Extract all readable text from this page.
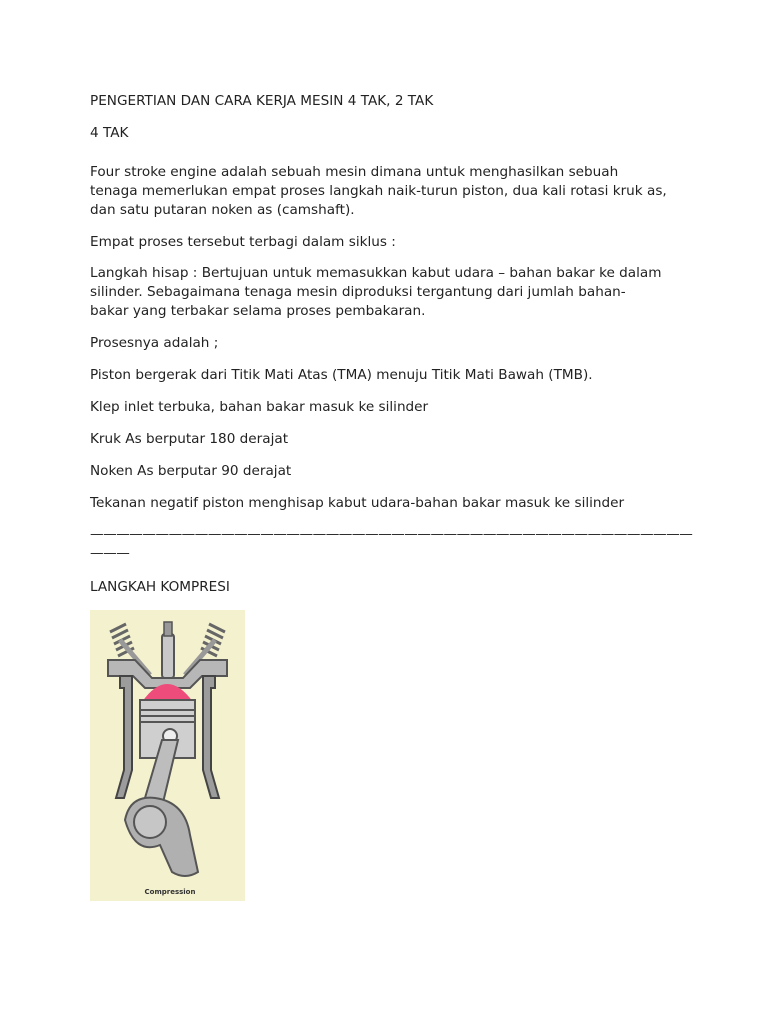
PENGERTIAN DAN CARA KERJA MESIN 4 TAK, 2 TAK

4 TAK

Four stroke engine adalah sebuah mesin dimana untuk menghasilkan sebuah

tenaga memerlukan empat proses langkah naik-turun piston, dua kali rotasi kruk as,

dan satu putaran noken as (camshaft).

Empat proses tersebut terbagi dalam siklus :

Langkah hisap : Bertujuan untuk memasukkan kabut udara – bahan bakar ke dalam

silinder. Sebagaimana tenaga mesin diproduksi tergantung dari jumlah bahan-

bakar yang terbakar selama proses pembakaran.

Prosesnya adalah ;

Piston bergerak dari Titik Mati Atas (TMA) menuju Titik Mati Bawah (TMB).

Klep inlet terbuka, bahan bakar masuk ke silinder

Kruk As berputar 180 derajat

Noken As berputar 90 derajat

Tekanan negatif piston menghisap kabut udara-bahan bakar masuk ke silinder

——————————————————————————————————————————————

———

LANGKAH KOMPRESI

Compression
